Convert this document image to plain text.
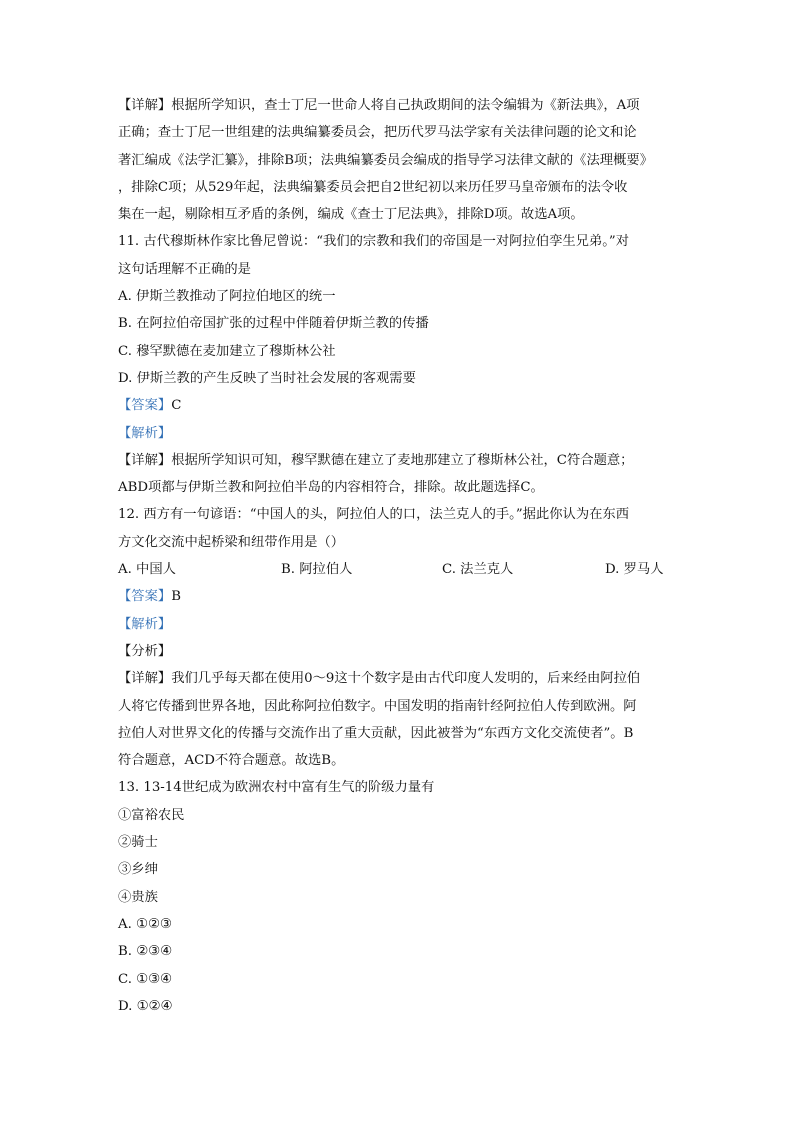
【详解】根据所学知识，查士丁尼一世命人将自己执政期间的法令编辑为《新法典》，A项
正确；查士丁尼一世组建的法典编纂委员会，把历代罗马法学家有关法律问题的论文和论
著汇编成《法学汇纂》，排除B项；法典编纂委员会编成的指导学习法律文献的《法理概要》
，排除C项；从529年起，法典编纂委员会把自2世纪初以来历任罗马皇帝颁布的法令收
集在一起，剔除相互矛盾的条例，编成《查士丁尼法典》，排除D项。故选A项。
11. 古代穆斯林作家比鲁尼曾说：“我们的宗教和我们的帝国是一对阿拉伯孪生兄弟。”对
这句话理解不正确的是
A. 伊斯兰教推动了阿拉伯地区的统一
B. 在阿拉伯帝国扩张的过程中伴随着伊斯兰教的传播
C. 穆罕默德在麦加建立了穆斯林公社
D. 伊斯兰教的产生反映了当时社会发展的客观需要
【答案】C
【解析】
【详解】根据所学知识可知，穆罕默德在建立了麦地那建立了穆斯林公社，C符合题意；
ABD项都与伊斯兰教和阿拉伯半岛的内容相符合，排除。故此题选择C。
12. 西方有一句谚语：“中国人的头，阿拉伯人的口，法兰克人的手。”据此你认为在东西
方文化交流中起桥梁和纽带作用是（）
A. 中国人	B. 阿拉伯人	C. 法兰克人	D. 罗马人
【答案】B
【解析】
【分析】
【详解】我们几乎每天都在使用0～9这十个数字是由古代印度人发明的，后来经由阿拉伯
人将它传播到世界各地，因此称阿拉伯数字。中国发明的指南针经阿拉伯人传到欧洲。阿
拉伯人对世界文化的传播与交流作出了重大贡献，因此被誉为“东西方文化交流使者”。B
符合题意，ACD不符合题意。故选B。
13. 13-14世纪成为欧洲农村中富有生气的阶级力量有
①富裕农民
②骑士
③乡绅
④贵族
A. ①②③
B. ②③④
C. ①③④
D. ①②④
